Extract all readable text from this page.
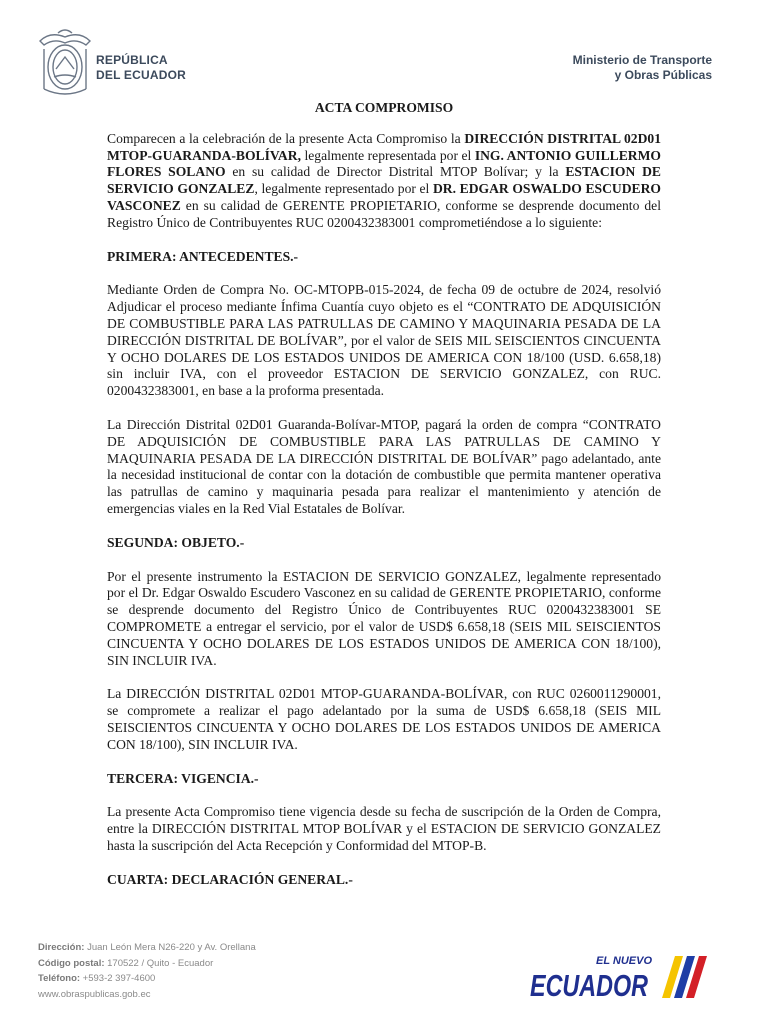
REPÚBLICA
DEL ECUADOR
Ministerio de Transporte
y Obras Públicas
ACTA COMPROMISO

Comparecen a la celebración de la presente Acta Compromiso la DIRECCIÓN DISTRITAL 02D01 MTOP-GUARANDA-BOLÍVAR, legalmente representada por el ING. ANTONIO GUILLERMO FLORES SOLANO en su calidad de Director Distrital MTOP Bolívar; y la ESTACION DE SERVICIO GONZALEZ, legalmente representado por el DR. EDGAR OSWALDO ESCUDERO VASCONEZ en su calidad de GERENTE PROPIETARIO, conforme se desprende documento del Registro Único de Contribuyentes RUC 0200432383001 comprometiéndose a lo siguiente:

PRIMERA: ANTECEDENTES.-

Mediante Orden de Compra No. OC-MTOPB-015-2024, de fecha 09 de octubre de 2024, resolvió Adjudicar el proceso mediante Ínfima Cuantía cuyo objeto es el “CONTRATO DE ADQUISICIÓN DE COMBUSTIBLE PARA LAS PATRULLAS DE CAMINO Y MAQUINARIA PESADA DE LA DIRECCIÓN DISTRITAL DE BOLÍVAR”, por el valor de SEIS MIL SEISCIENTOS CINCUENTA Y OCHO DOLARES DE LOS ESTADOS UNIDOS DE AMERICA CON 18/100 (USD. 6.658,18) sin incluir IVA, con el proveedor ESTACION DE SERVICIO GONZALEZ, con RUC. 0200432383001, en base a la proforma presentada.

La Dirección Distrital 02D01 Guaranda-Bolívar-MTOP, pagará la orden de compra “CONTRATO DE ADQUISICIÓN DE COMBUSTIBLE PARA LAS PATRULLAS DE CAMINO Y MAQUINARIA PESADA DE LA DIRECCIÓN DISTRITAL DE BOLÍVAR” pago adelantado, ante la necesidad institucional de contar con la dotación de combustible que permita mantener operativa las patrullas de camino y maquinaria pesada para realizar el mantenimiento y atención de emergencias viales en la Red Vial Estatales de Bolívar.

SEGUNDA: OBJETO.-

Por el presente instrumento la ESTACION DE SERVICIO GONZALEZ, legalmente representado por el Dr. Edgar Oswaldo Escudero Vasconez en su calidad de GERENTE PROPIETARIO, conforme se desprende documento del Registro Único de Contribuyentes RUC 0200432383001 SE COMPROMETE a entregar el servicio, por el valor de USD$ 6.658,18 (SEIS MIL SEISCIENTOS CINCUENTA Y OCHO DOLARES DE LOS ESTADOS UNIDOS DE AMERICA CON 18/100), SIN INCLUIR IVA.

La DIRECCIÓN DISTRITAL 02D01 MTOP-GUARANDA-BOLÍVAR, con RUC 0260011290001, se compromete a realizar el pago adelantado por la suma de USD$ 6.658,18 (SEIS MIL SEISCIENTOS CINCUENTA Y OCHO DOLARES DE LOS ESTADOS UNIDOS DE AMERICA CON 18/100), SIN INCLUIR IVA.

TERCERA: VIGENCIA.-

La presente Acta Compromiso tiene vigencia desde su fecha de suscripción de la Orden de Compra, entre la DIRECCIÓN DISTRITAL MTOP BOLÍVAR y el ESTACION DE SERVICIO GONZALEZ hasta la suscripción del Acta Recepción y Conformidad del MTOP-B.

CUARTA: DECLARACIÓN GENERAL.-
Dirección: Juan León Mera N26-220 y Av. Orellana
Código postal: 170522 / Quito - Ecuador
Teléfono: +593-2 397-4600
www.obraspublicas.gob.ec
EL NUEVO
ECUADOR
